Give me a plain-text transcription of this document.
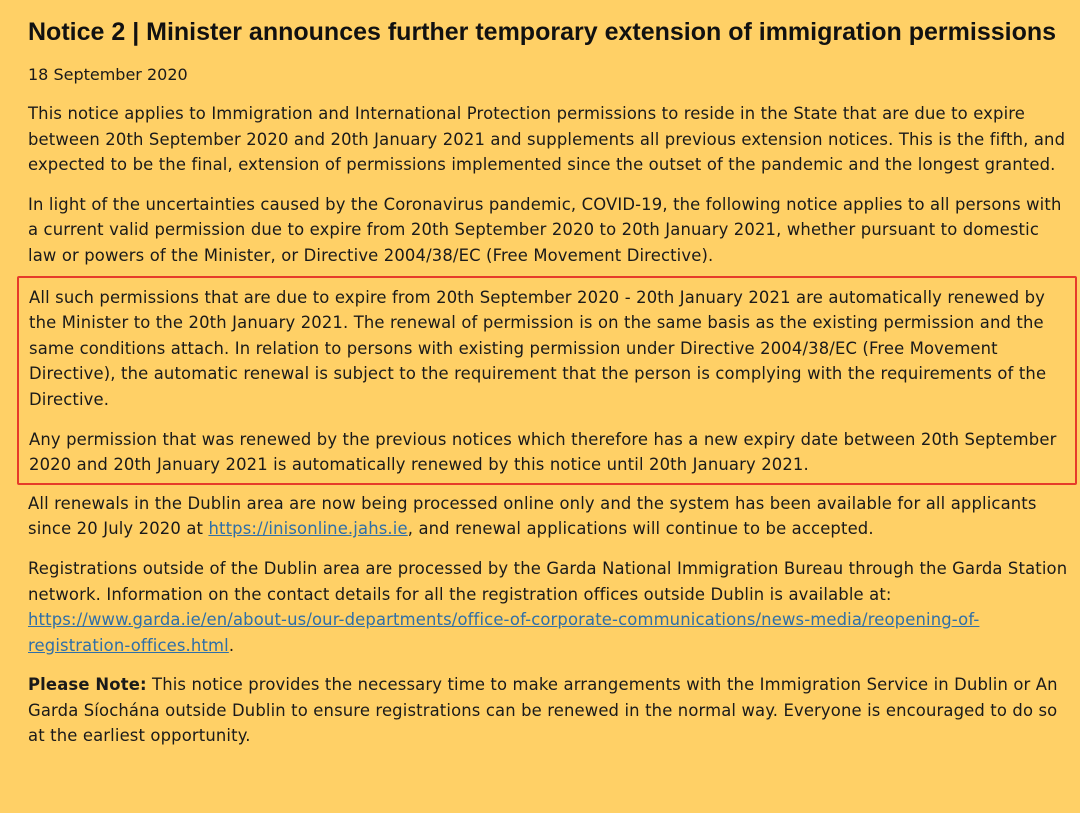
Notice 2 | Minister announces further temporary extension of immigration permissions
18 September 2020

This notice applies to Immigration and International Protection permissions to reside in the State that are due to expire between 20th September 2020 and 20th January 2021 and supplements all previous extension notices. This is the fifth, and expected to be the final, extension of permissions implemented since the outset of the pandemic and the longest granted.

In light of the uncertainties caused by the Coronavirus pandemic, COVID-19, the following notice applies to all persons with a current valid permission due to expire from 20th September 2020 to 20th January 2021, whether pursuant to domestic law or powers of the Minister, or Directive 2004/38/EC (Free Movement Directive).

All such permissions that are due to expire from 20th September 2020 - 20th January 2021 are automatically renewed by the Minister to the 20th January 2021. The renewal of permission is on the same basis as the existing permission and the same conditions attach. In relation to persons with existing permission under Directive 2004/38/EC (Free Movement Directive), the automatic renewal is subject to the requirement that the person is complying with the requirements of the Directive.

Any permission that was renewed by the previous notices which therefore has a new expiry date between 20th September 2020 and 20th January 2021 is automatically renewed by this notice until 20th January 2021.

All renewals in the Dublin area are now being processed online only and the system has been available for all applicants since 20 July 2020 at https://inisonline.jahs.ie, and renewal applications will continue to be accepted.

Registrations outside of the Dublin area are processed by the Garda National Immigration Bureau through the Garda Station network. Information on the contact details for all the registration offices outside Dublin is available at: https://www.garda.ie/en/about-us/our-departments/office-of-corporate-communications/news-media/reopening-of-registration-offices.html.

Please Note: This notice provides the necessary time to make arrangements with the Immigration Service in Dublin or An Garda Síochána outside Dublin to ensure registrations can be renewed in the normal way. Everyone is encouraged to do so at the earliest opportunity.
